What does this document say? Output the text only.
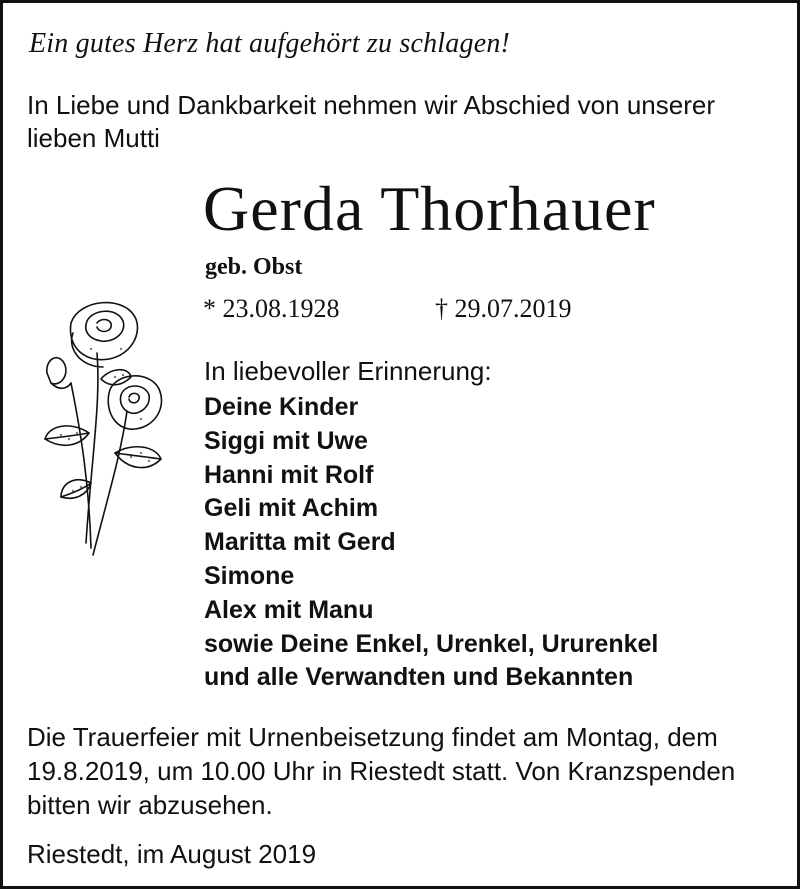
Ein gutes Herz hat aufgehört zu schlagen!
In Liebe und Dankbarkeit nehmen wir Abschied von unserer lieben Mutti
Gerda Thorhauer
geb. Obst
* 23.08.1928	† 29.07.2019
In liebevoller Erinnerung:
Deine Kinder
Siggi mit Uwe
Hanni mit Rolf
Geli mit Achim
Maritta mit Gerd
Simone
Alex mit Manu
sowie Deine Enkel, Urenkel, Ururenkel
und alle Verwandten und Bekannten
Die Trauerfeier mit Urnenbeisetzung findet am Montag, dem 19.8.2019, um 10.00 Uhr in Riestedt statt. Von Kranzspenden bitten wir abzusehen.
Riestedt, im August 2019
